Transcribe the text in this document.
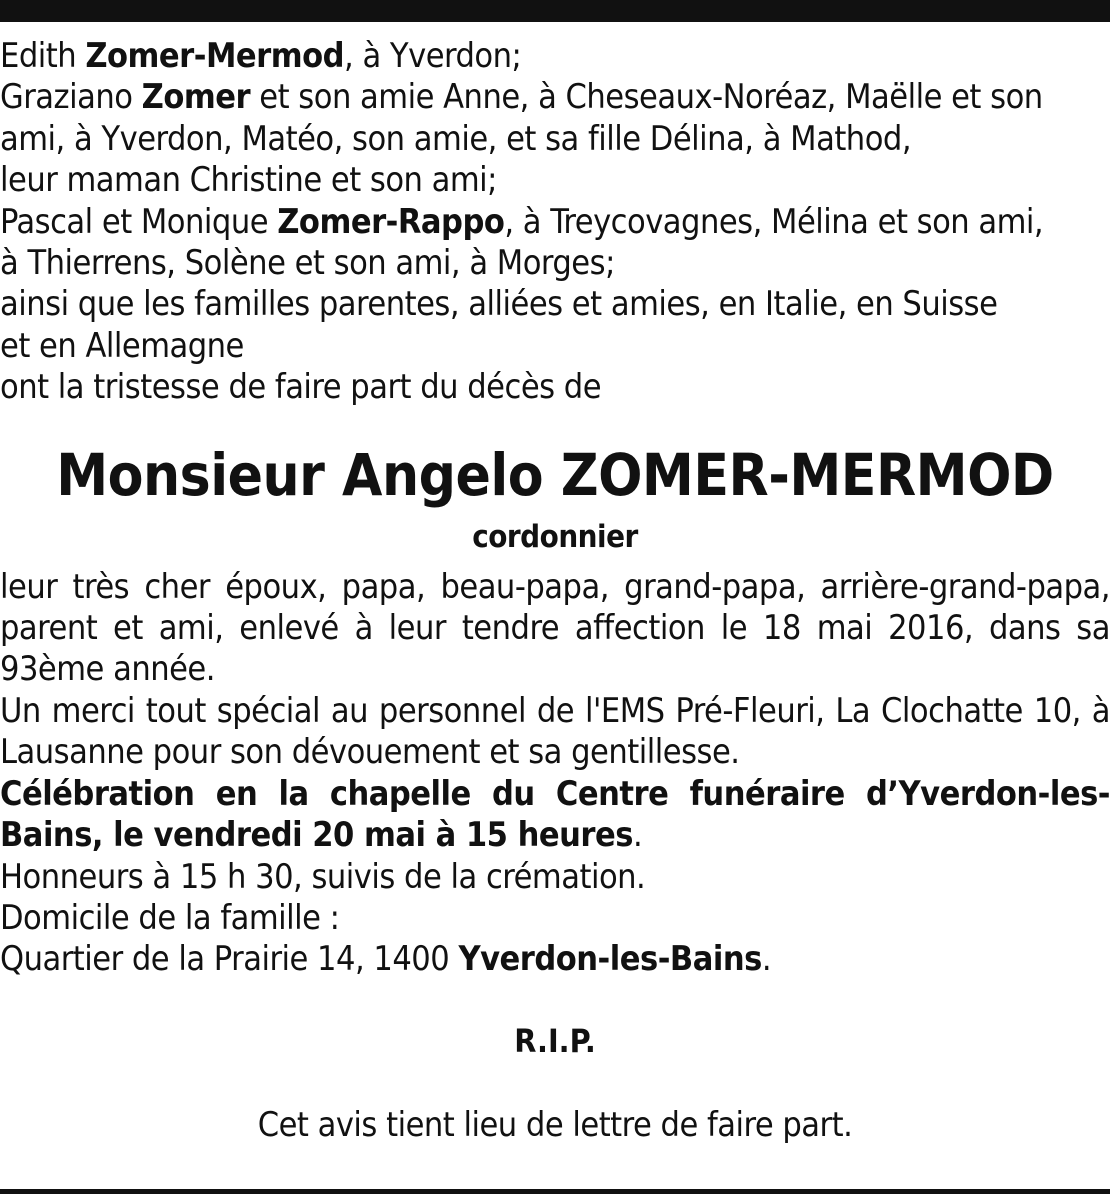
Edith Zomer-Mermod, à Yverdon;
Graziano Zomer et son amie Anne, à Cheseaux-Noréaz, Maëlle et son
ami, à Yverdon, Matéo, son amie, et sa fille Délina, à Mathod,
leur maman Christine et son ami;
Pascal et Monique Zomer-Rappo, à Treycovagnes, Mélina et son ami,
à Thierrens, Solène et son ami, à Morges;
ainsi que les familles parentes, alliées et amies, en Italie, en Suisse
et en Allemagne
ont la tristesse de faire part du décès de
Monsieur Angelo ZOMER-MERMOD
cordonnier
leur très cher époux, papa, beau-papa, grand-papa, arrière-grand-papa,
parent et ami, enlevé à leur tendre affection le 18 mai 2016, dans sa
93ème année.
Un merci tout spécial au personnel de l'EMS Pré-Fleuri, La Clochatte 10, à
Lausanne pour son dévouement et sa gentillesse.
Célébration en la chapelle du Centre funéraire d’Yverdon-les-
Bains, le vendredi 20 mai à 15 heures.
Honneurs à 15 h 30, suivis de la crémation.
Domicile de la famille :
Quartier de la Prairie 14, 1400 Yverdon-les-Bains.
R.I.P.
Cet avis tient lieu de lettre de faire part.
